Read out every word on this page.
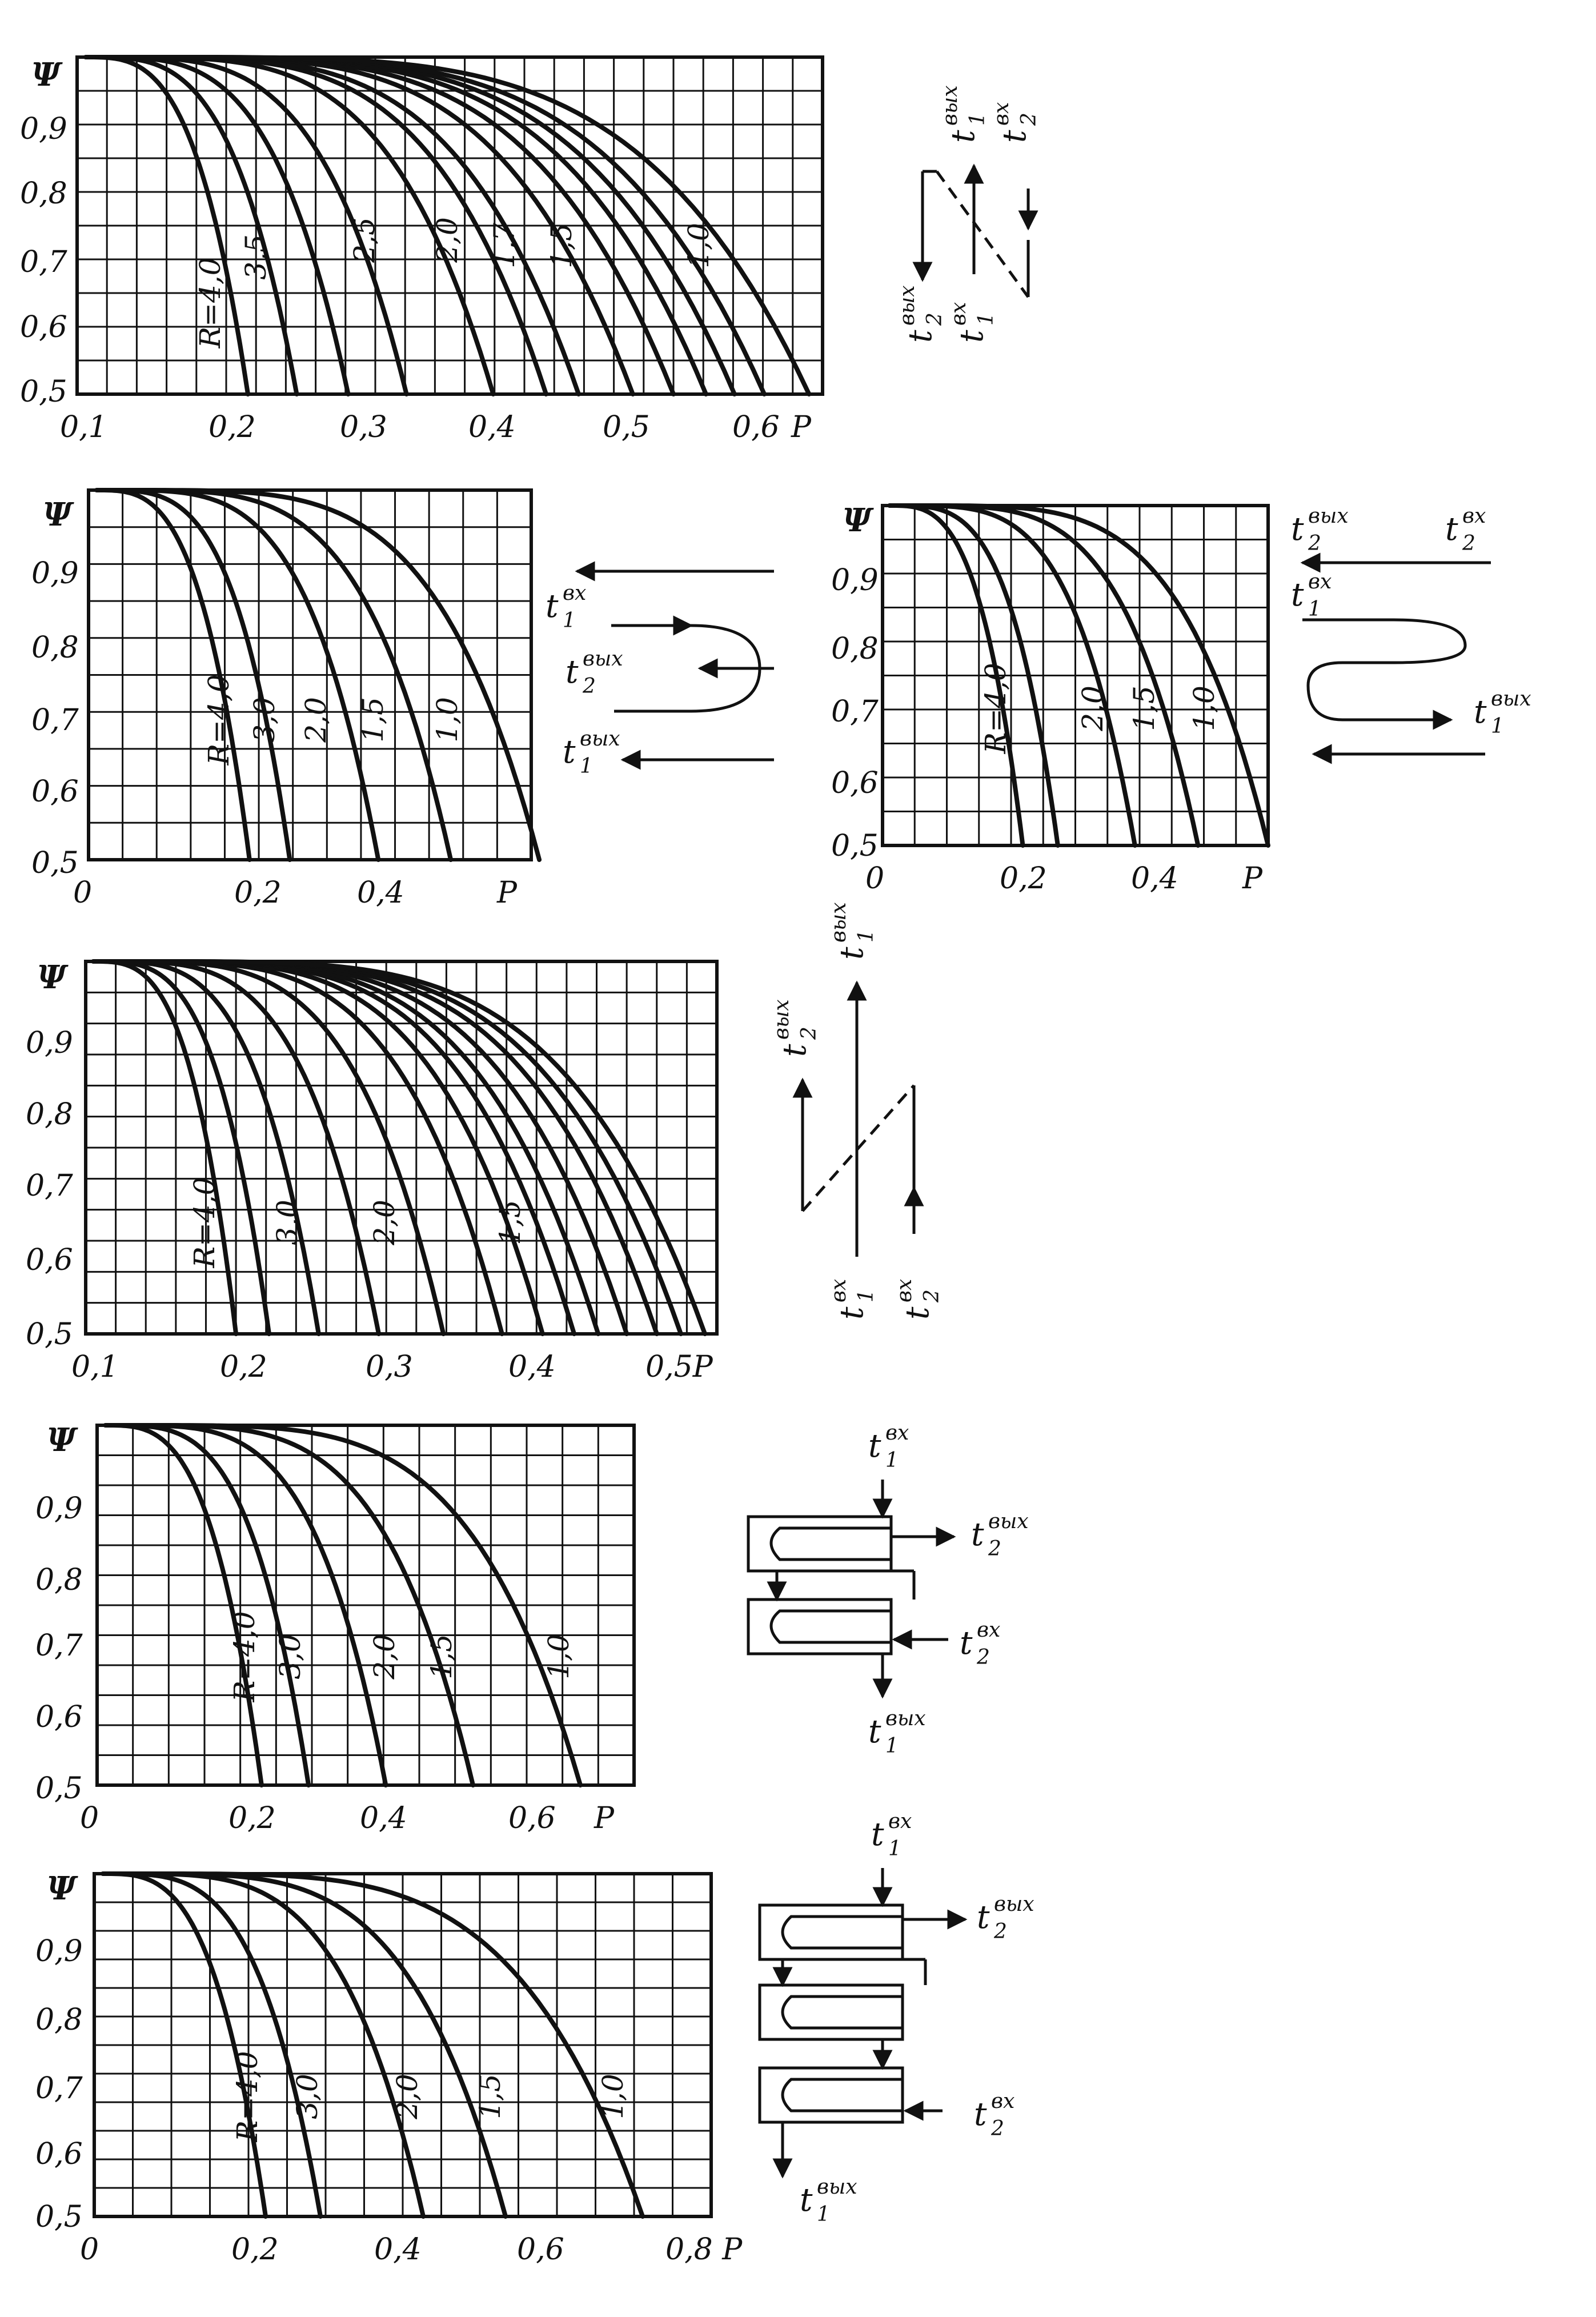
Ψ
0,9
0,8
0,7
0,6
0,5
0,1	0,2	0,3	0,4	0,5	0,6 P
R=4,0
3,5	2,5 2,0 1,7 1,5	1,0
Ψ
0,9
0,8
0,7
0,6
0,5
0	0,2	0,4	P
R=4,0 3,0 2,0 1,5 1,0
Ψ
0,9
0,8
0,7
0,6
0,5
0	0,2	0,4 P
R=4,0 2,0 1,5 1,0
Ψ
0,9
0,8
0,7
0,6
0,5
0,1	0,2	0,3	0,4	0,5P
R=4,0 3,0 2,0	1,5
Ψ
0,9
0,8
0,7
0,6
0,5
0	0,2	0,4	0,6 P
R=4,0 3,0 2,0 1,5	1,0
Ψ
0,9
0,8
0,7
0,6
0,5
0	0,2	0,4	0,6	0,8 P
R=4,0 3,0 2,0 1,5	1,0
t
1
вх
t
1
вых
t
2
вх
t
2
вых
t 1
вх
t 2
вых
t 1
вых
t 2
вых	t 2
вх
t 1
вх
t 1
вых
t
1
вых
t
2
вых
t
1
вх
t
2
вх
t 1
вх
t 2
вых
t 2
вх
t 1
вых
t 1
вх
t 2
вых
t 2
вх
t 1
вых
